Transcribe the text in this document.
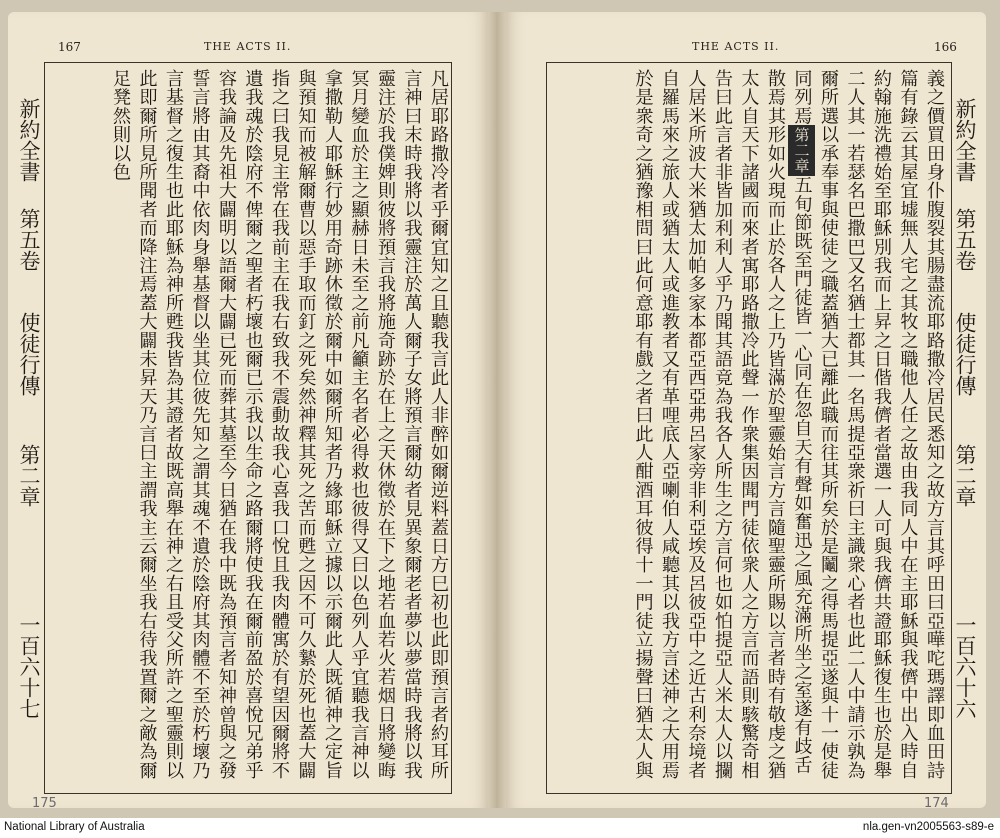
167	THE ACTS II.
凡居耶路撒冷者乎爾宜知之且聽我言此人非醉如爾逆料蓋日方巳初也此即預言者約耳所言神曰末時我將以我靈注於萬人爾子女將預言爾幼者見異象爾老者夢以夢當時我將以我靈注於我僕婢則彼將預言我將施奇跡於在上之天休徵於在下之地若血若火若烟日將變晦冥月變血於主之顯赫日未至之前凡籲主名者必得救也彼得又曰以色列人乎宜聽我言神以拿撒勒人耶穌行妙用奇跡休徵於爾中如爾所知者乃緣耶穌立據以示爾此人既循神之定旨與預知而被解爾曹以惡手取而釘之死矣然神釋其死之苦而甦之因不可久縶於死也蓋大闢指之曰我見主常在我前主在我右致我不震動故我心喜我口悅且我肉體寓於有望因爾將不遺我魂於陰府不俾爾之聖者朽壞也爾已示我以生命之路爾將使我在爾前盈於喜悅兄弟乎容我論及先祖大闢明以語爾大闢已死而葬其墓至今日猶在我中既為預言者知神曾與之發誓言將由其裔中依肉身舉基督以坐其位彼先知之謂其魂不遺於陰府其肉體不至於朽壞乃言基督之復生也此耶穌為神所甦我皆為其證者故既高舉在神之右且受父所許之聖靈則以此即爾所見所聞者而降注焉蓋大闢未昇天乃言曰主謂我主云爾坐我右待我置爾之敵為爾足凳然則以色
新約全書
第五卷
使徒行傳
第二章
一百六十七
175
THE ACTS II.	166
義之價買田身仆腹裂其腸盡流耶路撒冷居民悉知之故方言其呼田曰亞嘩咜瑪譯即血田詩篇有錄云其屋宜墟無人宅之其牧之職他人任之故由我同人中在主耶穌與我儕中出入時自約翰施洗禮始至耶穌別我而上昇之日偕我儕者當選一人可與我儕共證耶穌復生也於是舉二人其一若瑟名巴撒巴又名猶士都其一名馬提亞衆祈曰主識衆心者也此二人中請示孰為爾所選以承奉事與使徒之職蓋猶大已離此職而往其所矣於是鬮之得馬提亞遂與十一使徒同列焉第二章五旬節既至門徒皆一心同在忽自天有聲如奮迅之風充滿所坐之室遂有歧舌散焉其形如火現而止於各人之上乃皆滿於聖靈始言方言隨聖靈所賜以言者時有敬虔之猶太人自天下諸國而來者寓耶路撒冷此聲一作衆集因聞門徒依衆人之方言而語則駭驚奇相告曰此言者非皆加利利人乎乃聞其語竟為我各人所生之方言何也如怕提亞人米太人以攔人居米所波大米猶太加帕多家本都亞西亞弗呂家旁非利亞埃及呂彼亞中之近古利奈境者自羅馬來之旅人或猶太人或進教者又有革哩底人亞喇伯人咸聽其以我方言述神之大用焉於是衆奇之猶豫相問曰此何意耶有戲之者曰此人酣酒耳彼得十一門徒立揚聲曰猶太人與	新約全書
第五卷
使徒行傳
第二章
一百六十六
174
National Library of Australia	nla.gen-vn2005563-s89-e
